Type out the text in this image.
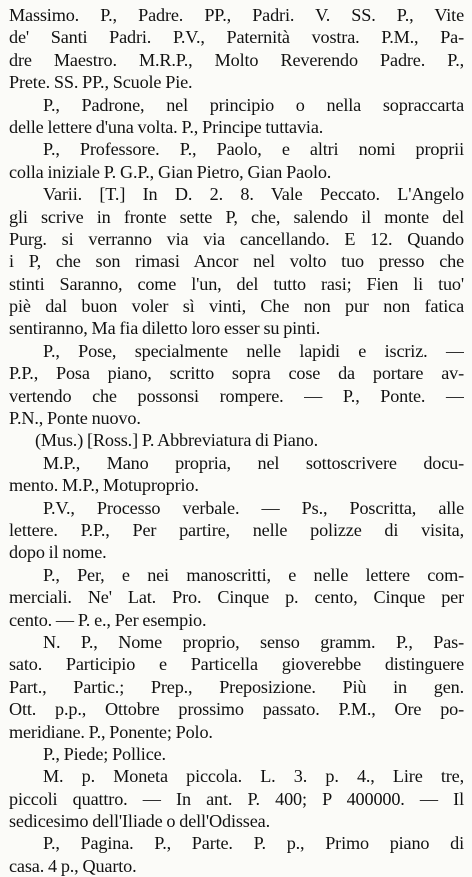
Massimo. P., Padre. PP., Padri. V. SS. P., Vite
de' Santi Padri. P.V., Paternità vostra. P.M., Pa-
dre Maestro. M.R.P., Molto Reverendo Padre. P.,
Prete. SS. PP., Scuole Pie.
P., Padrone, nel principio o nella sopraccarta
delle lettere d'una volta. P., Principe tuttavia.
P., Professore. P., Paolo, e altri nomi proprii
colla iniziale P. G.P., Gian Pietro, Gian Paolo.
Varii. [T.] In D. 2. 8. Vale Peccato. L'Angelo
gli scrive in fronte sette P, che, salendo il monte del
Purg. si verranno via via cancellando. E 12. Quando
i P, che son rimasi Ancor nel volto tuo presso che
stinti Saranno, come l'un, del tutto rasi; Fien li tuo'
piè dal buon voler sì vinti, Che non pur non fatica
sentiranno, Ma fia diletto loro esser su pinti.
P., Pose, specialmente nelle lapidi e iscriz. —
P.P., Posa piano, scritto sopra cose da portare av-
vertendo che possonsi rompere. — P., Ponte. —
P.N., Ponte nuovo.
(Mus.) [Ross.] P. Abbreviatura di Piano.
M.P., Mano propria, nel sottoscrivere docu-
mento. M.P., Motuproprio.
P.V., Processo verbale. — Ps., Poscritta, alle
lettere. P.P., Per partire, nelle polizze di visita,
dopo il nome.
P., Per, e nei manoscritti, e nelle lettere com-
merciali. Ne' Lat. Pro. Cinque p. cento, Cinque per
cento. — P. e., Per esempio.
N. P., Nome proprio, senso gramm. P., Pas-
sato. Participio e Particella gioverebbe distinguere
Part., Partic.; Prep., Preposizione. Più in gen.
Ott. p.p., Ottobre prossimo passato. P.M., Ore po-
meridiane. P., Ponente; Polo.
P., Piede; Pollice.
M. p. Moneta piccola. L. 3. p. 4., Lire tre,
piccoli quattro. — In ant. P. 400; P 400000. — Il
sedicesimo dell'Iliade o dell'Odissea.
P., Pagina. P., Parte. P. p., Primo piano di
casa. 4 p., Quarto.
